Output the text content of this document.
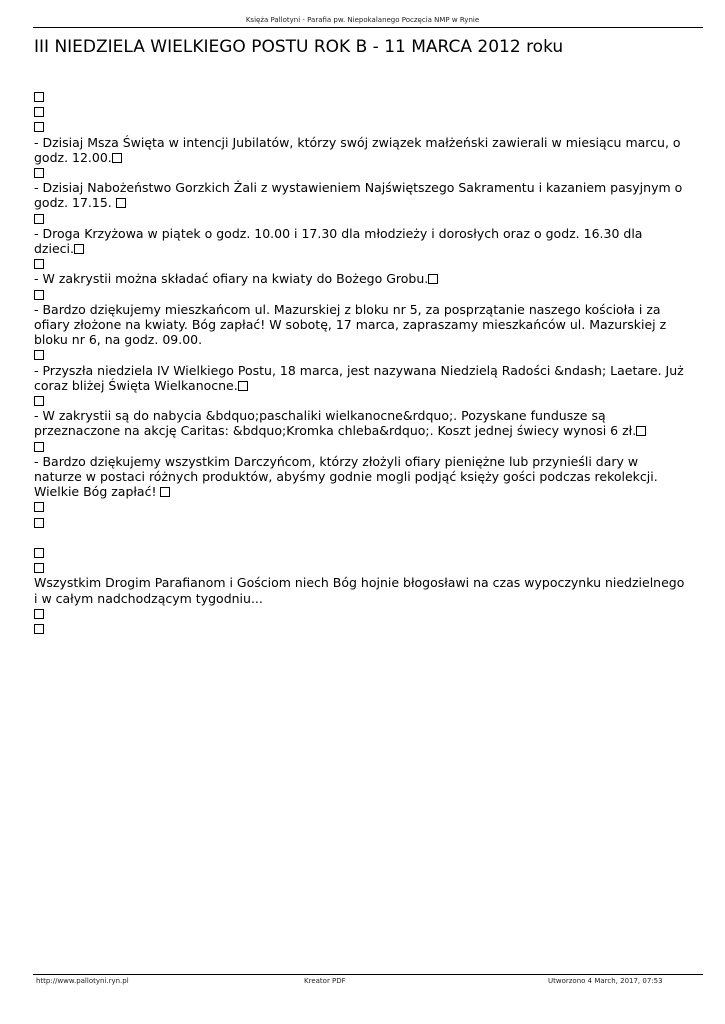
Księża Pallotyni - Parafia pw. Niepokalanego Poczęcia NMP w Rynie
III NIEDZIELA WIELKIEGO POSTU ROK B - 11 MARCA 2012 roku
- Dzisiaj Msza Święta w intencji Jubilatów, którzy swój związek małżeński zawierali w miesiącu marcu, o godz. 12.00.
- Dzisiaj Nabożeństwo Gorzkich Żali z wystawieniem Najświętszego Sakramentu i kazaniem pasyjnym o godz. 17.15.
- Droga Krzyżowa w piątek o godz. 10.00 i 17.30 dla młodzieży i dorosłych oraz o godz. 16.30 dla dzieci.
- W zakrystii można składać ofiary na kwiaty do Bożego Grobu.
- Bardzo dziękujemy mieszkańcom ul. Mazurskiej z bloku nr 5, za posprzątanie naszego kościoła i za ofiary złożone na kwiaty. Bóg zapłać! W sobotę, 17 marca, zapraszamy mieszkańców ul. Mazurskiej z bloku nr 6, na godz. 09.00.
- Przyszła niedziela IV Wielkiego Postu, 18 marca, jest nazywana Niedzielą Radości &ndash; Laetare. Już coraz bliżej Święta Wielkanocne.
- W zakrystii są do nabycia &bdquo;paschaliki wielkanocne&rdquo;. Pozyskane fundusze są przeznaczone na akcję Caritas: &bdquo;Kromka chleba&rdquo;. Koszt jednej świecy wynosi 6 zł.
- Bardzo dziękujemy wszystkim Darczyńcom, którzy złożyli ofiary pieniężne lub przynieśli dary w naturze w postaci różnych produktów, abyśmy godnie mogli podjąć księży gości podczas rekolekcji. Wielkie Bóg zapłać!
Wszystkim Drogim Parafianom i Gościom niech Bóg hojnie błogosławi na czas wypoczynku niedzielnego i w całym nadchodzącym tygodniu...
http://www.pallotyni.ryn.pl	Kreator PDF	Utworzono 4 March, 2017, 07:53
